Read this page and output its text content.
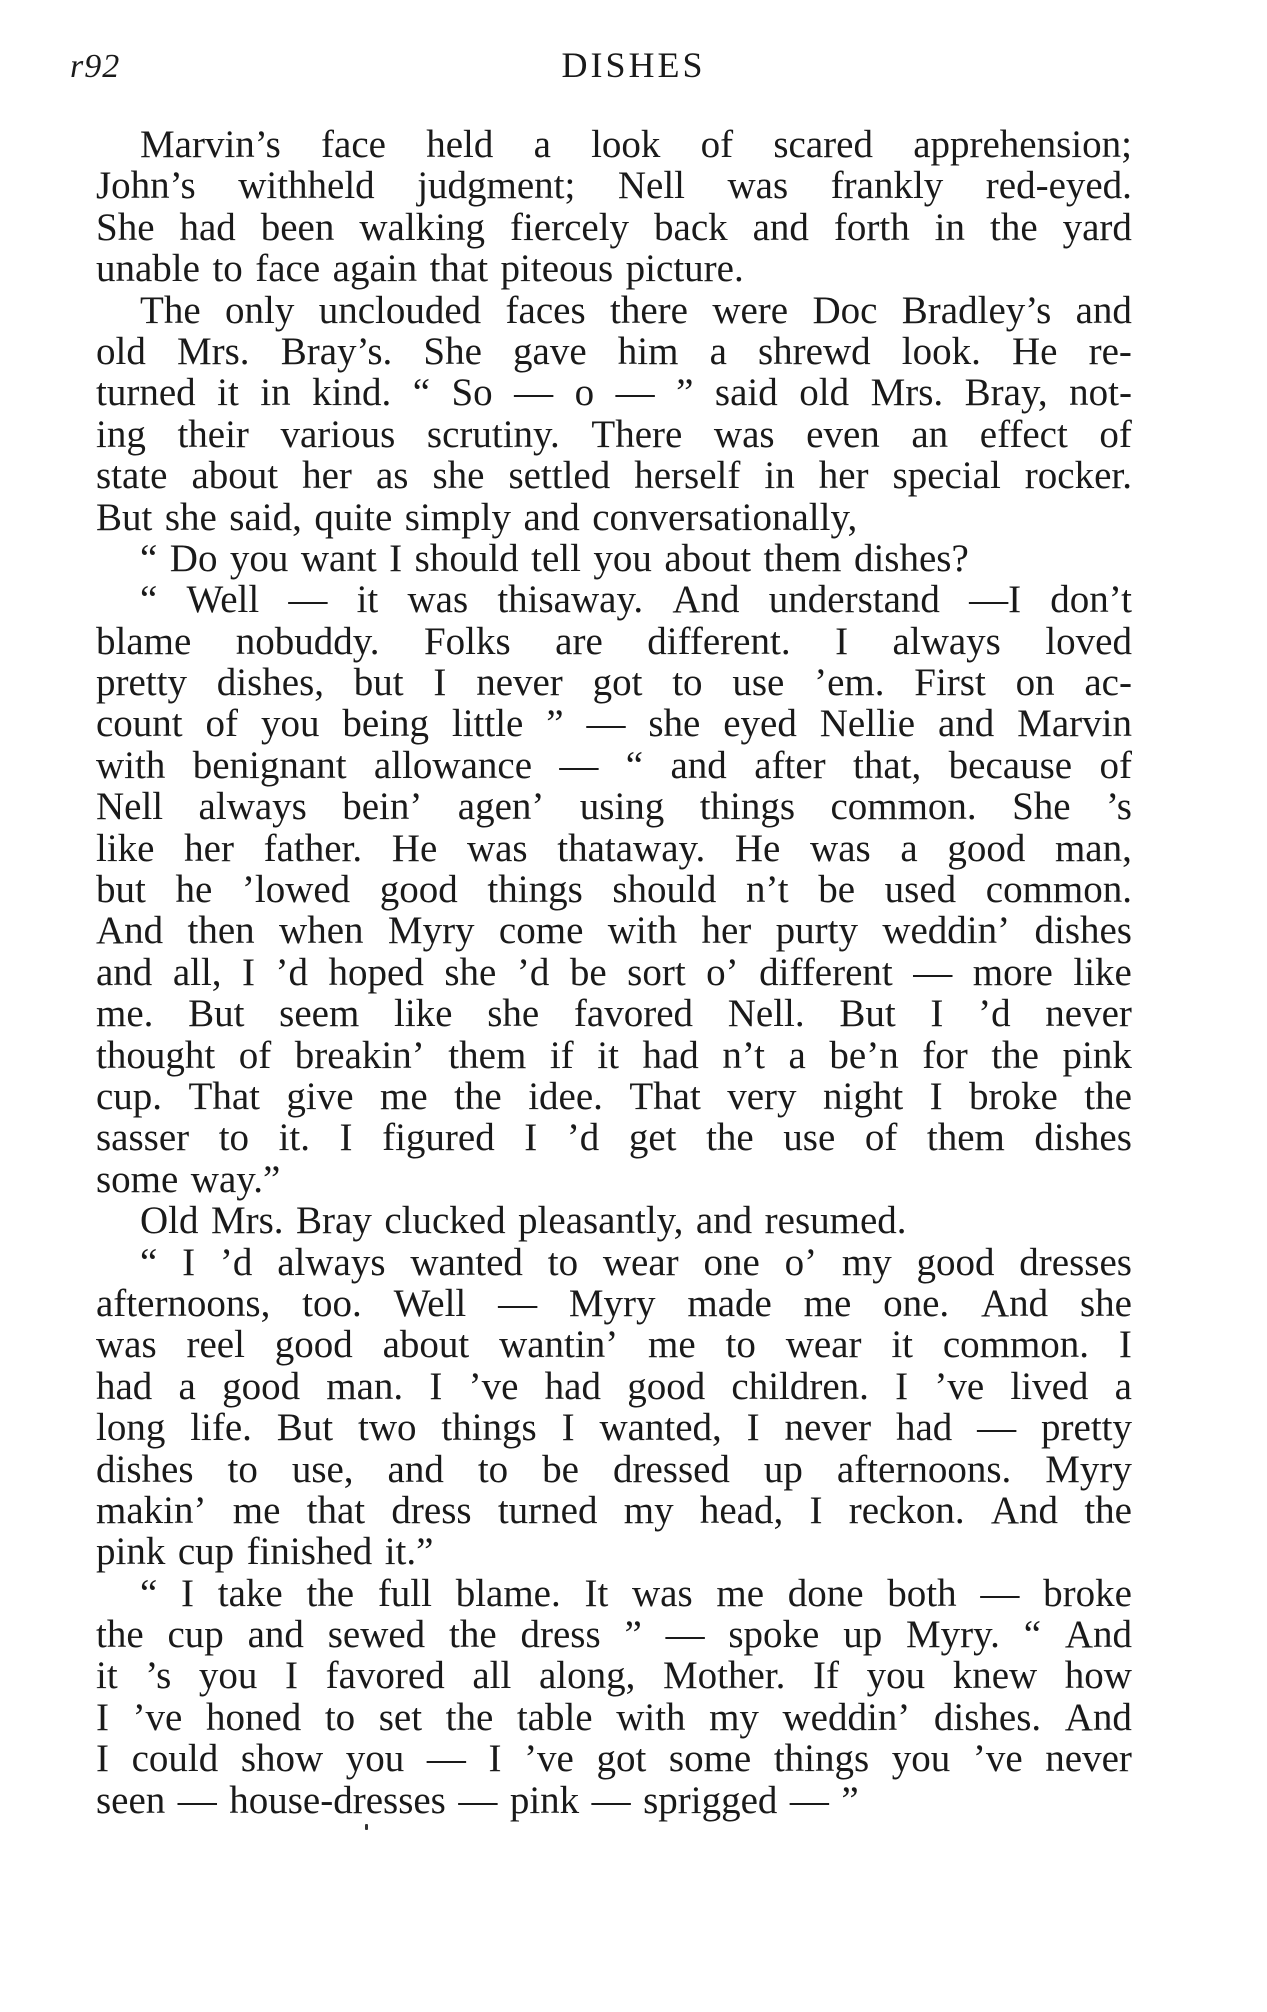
r92	DISHES
Marvin’s face held a look of scared apprehension;
John’s withheld judgment; Nell was frankly red-eyed.
She had been walking fiercely back and forth in the yard
unable to face again that piteous picture.
The only unclouded faces there were Doc Bradley’s and
old Mrs. Bray’s. She gave him a shrewd look. He re-
turned it in kind. “ So — o — ” said old Mrs. Bray, not-
ing their various scrutiny. There was even an effect of
state about her as she settled herself in her special rocker.
But she said, quite simply and conversationally,
“ Do you want I should tell you about them dishes?
“ Well — it was thisaway. And understand —I don’t
blame nobuddy. Folks are different. I always loved
pretty dishes, but I never got to use ’em. First on ac-
count of you being little ” — she eyed Nellie and Marvin
with benignant allowance — “ and after that, because of
Nell always bein’ agen’ using things common. She ’s
like her father. He was thataway. He was a good man,
but he ’lowed good things should n’t be used common.
And then when Myry come with her purty weddin’ dishes
and all, I ’d hoped she ’d be sort o’ different — more like
me. But seem like she favored Nell. But I ’d never
thought of breakin’ them if it had n’t a be’n for the pink
cup. That give me the idee. That very night I broke the
sasser to it. I figured I ’d get the use of them dishes
some way.”
Old Mrs. Bray clucked pleasantly, and resumed.
“ I ’d always wanted to wear one o’ my good dresses
afternoons, too. Well — Myry made me one. And she
was reel good about wantin’ me to wear it common. I
had a good man. I ’ve had good children. I ’ve lived a
long life. But two things I wanted, I never had — pretty
dishes to use, and to be dressed up afternoons. Myry
makin’ me that dress turned my head, I reckon. And the
pink cup finished it.”
“ I take the full blame. It was me done both — broke
the cup and sewed the dress ” — spoke up Myry. “ And
it ’s you I favored all along, Mother. If you knew how
I ’ve honed to set the table with my weddin’ dishes. And
I could show you — I ’ve got some things you ’ve never
seen — house-dresses — pink — sprigged — ”
